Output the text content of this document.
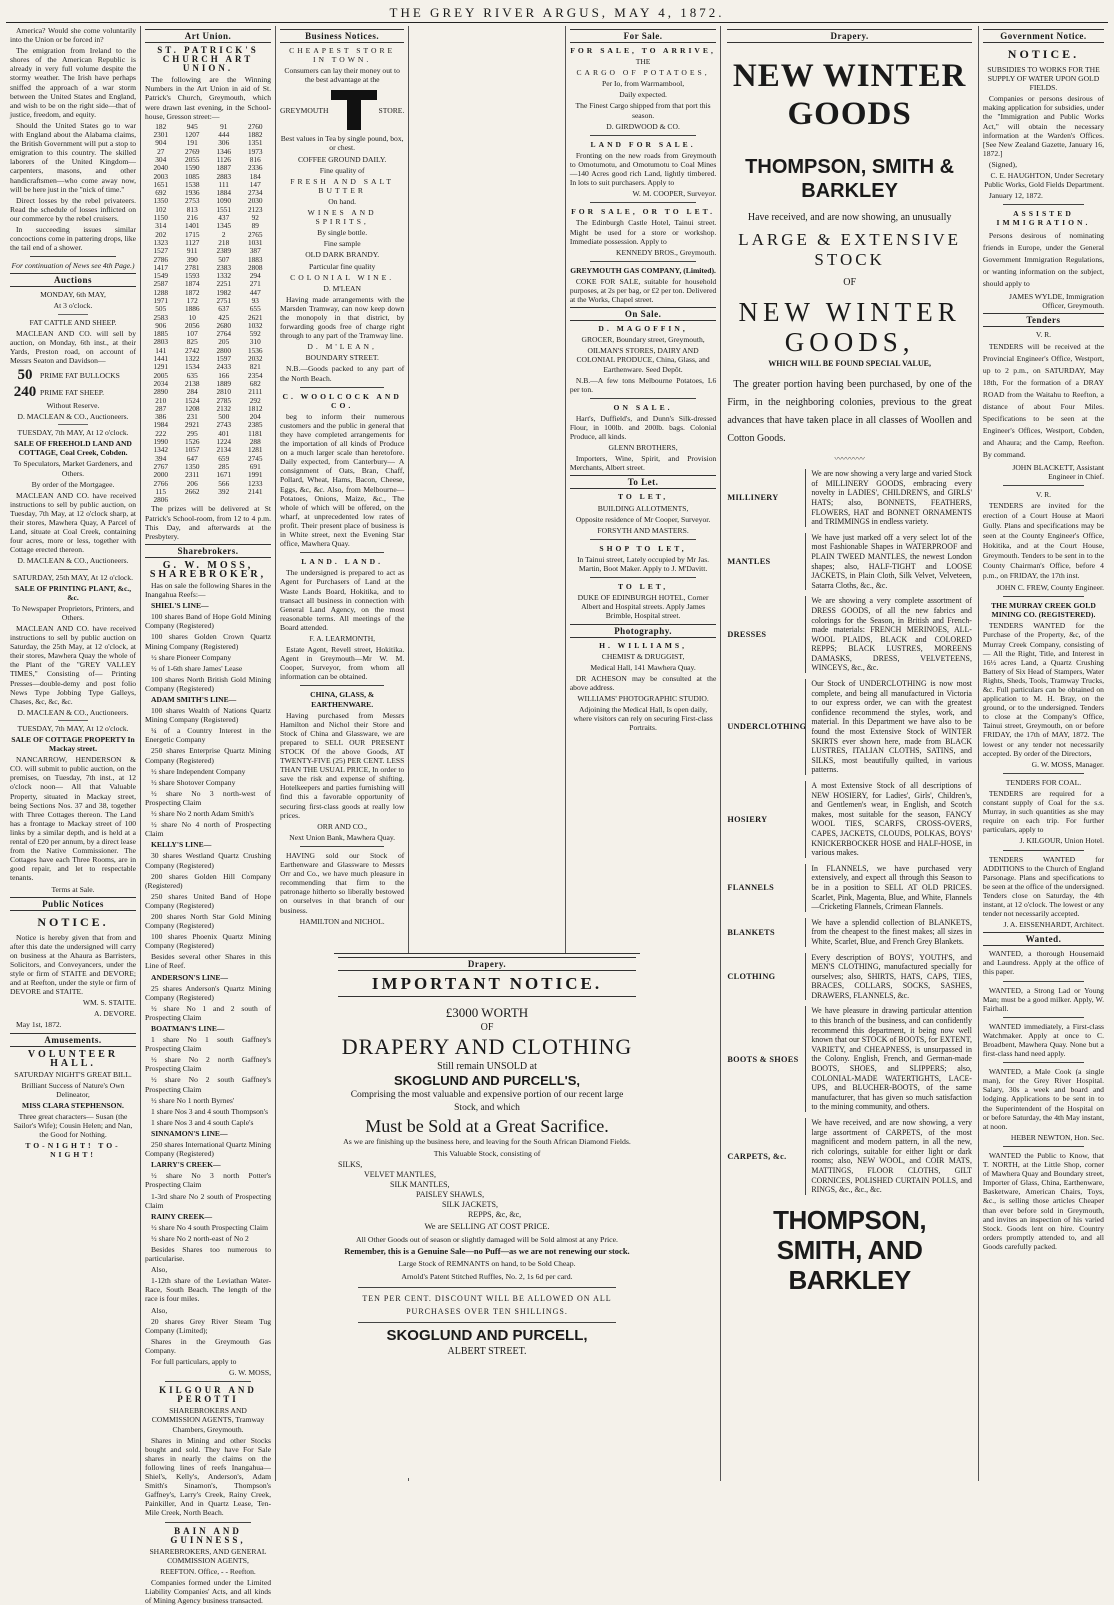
THE GREY RIVER ARGUS, MAY 4, 1872.

America? Would she come voluntarily into the Union or be forced in?

The emigration from Ireland to the shores of the American Republic is already in very full volume despite the stormy weather. The Irish have perhaps sniffed the approach of a war storm between the United States and England, and wish to be on the right side—that of justice, freedom, and equity.

Should the United States go to war with England about the Alabama claims, the British Government will put a stop to emigration to this country. The skilled laborers of the United Kingdom—carpenters, masons, and other handicraftsmen—who come away now, will be here just in the "nick of time."

Direct losses by the rebel privateers. Read the schedule of losses inflicted on our commerce by the rebel cruisers.

In succeeding issues similar concoctions come in pattering drops, like the tail end of a shower.

For continuation of News see 4th Page.)

Auctions

MONDAY, 6th MAY,

At 3 o'clock.

FAT CATTLE AND SHEEP.

MACLEAN AND CO. will sell by auction, on Monday, 6th inst., at their Yards, Preston road, on account of Messrs Seaton and Davidson—

50 PRIME FAT BULLOCKS
240 PRIME FAT SHEEP.

Without Reserve.

D. MACLEAN & CO., Auctioneers.

TUESDAY, 7th MAY, At 12 o'clock.

SALE OF FREEHOLD LAND AND COTTAGE, Coal Creek, Cobden.

To Speculators, Market Gardeners, and Others.

By order of the Mortgagee.

MACLEAN AND CO. have received instructions to sell by public auction, on Tuesday, 7th May, at 12 o'clock sharp, at their stores, Mawhera Quay, A Parcel of Land, situate at Coal Creek, containing four acres, more or less, together with Cottage erected thereon.

D. MACLEAN & CO., Auctioneers.

SATURDAY, 25th MAY, At 12 o'clock.

SALE OF PRINTING PLANT, &c., &c.

To Newspaper Proprietors, Printers, and Others.

MACLEAN AND CO. have received instructions to sell by public auction on Saturday, the 25th May, at 12 o'clock, at their stores, Mawhera Quay the whole of the Plant of the "GREY VALLEY TIMES," Consisting of— Printing Presses—double-demy and post folio News Type Jobbing Type Galleys, Chases, &c, &c, &c.

D. MACLEAN & CO., Auctioneers.

TUESDAY, 7th MAY, At 12 o'clock.

SALE OF COTTAGE PROPERTY In Mackay street.

NANCARROW, HENDERSON & CO. will submit to public auction, on the premises, on Tuesday, 7th inst., at 12 o'clock noon— All that Valuable Property, situated in Mackay street, being Sections Nos. 37 and 38, together with Three Cottages thereon. The Land has a frontage to Mackay street of 100 links by a similar depth, and is held at a rental of £20 per annum, by a direct lease from the Native Commissioner. The Cottages have each Three Rooms, are in good repair, and let to respectable tenants.

Terms at Sale.

Public Notices

NOTICE.

Notice is hereby given that from and after this date the undersigned will carry on business at the Ahaura as Barristers, Solicitors, and Conveyancers, under the style or firm of STAITE and DEVORE; and at Reefton, under the style or firm of DEVORE and STAITE.

WM. S. STAITE.

A. DEVORE.

May 1st, 1872.

Amusements.

VOLUNTEER HALL.

SATURDAY NIGHT'S GREAT BILL.

Brilliant Success of Nature's Own Delineator,

MISS CLARA STEPHENSON.

Three great characters— Susan (the Sailor's Wife); Cousin Helen; and Nan, the Good for Nothing.

TO-NIGHT! TO-NIGHT!

Art Union.

ST. PATRICK'S CHURCH ART UNION.

The following are the Winning Numbers in the Art Union in aid of St. Patrick's Church, Greymouth, which were drawn last evening, in the School-house, Gresson street:—

182	945	91	2760
2301	1207	444	1882
904	191	306	1351
27	2769	1346	1973
304	2055	1126	816
2040	1590	1887	2336
2003	1085	2883	184
1651	1538	111	147
692	1936	1884	2734
1350	2753	1090	2030
102	813	1551	2123
1150	216	437	92
314	1401	1345	89
202	1715	2	2765
1323	1127	218	1031
1527	911	2389	387
2786	390	507	1883
1417	2781	2383	2808
1549	1593	1332	294
2587	1874	2251	271
1288	1872	1982	447
1971	172	2751	93
505	1886	637	655
2583	10	425	2621
906	2056	2680	1032
1885	107	2764	592
2803	825	205	310
141	2742	2800	1536
1441	1322	1597	2032
1291	1534	2433	821
2005	635	166	2354
2034	2138	1889	682
2890	284	2810	2111
210	1524	2785	292
287	1208	2132	1812
386	231	500	204
1984	2921	2743	2385
222	295	401	1181
1990	1526	1224	288
1342	1057	2134	1281
394	647	659	2745
2767	1350	285	691
2000	2311	1671	1991
2766	206	566	1233
115	2662	392	2141
2806

The prizes will be delivered at St Patrick's School-room, from 12 to 4 p.m. This Day, and afterwards at the Presbytery.

Sharebrokers.

G. W. MOSS, SHAREBROKER,

Has on sale the following Shares in the Inangahua Reefs:—

SHIEL'S LINE—

100 shares Band of Hope Gold Mining Company (Registered)

100 shares Golden Crown Quartz Mining Company (Registered)

½ share Pioneer Company

½ of 1-6th share James' Lease

100 shares North British Gold Mining Company (Registered)

ADAM SMITH'S LINE—

100 shares Wealth of Nations Quartz Mining Company (Registered)

¼ of a Country Interest in the Energetic Company

250 shares Enterprise Quartz Mining Company (Registered)

½ share Independent Company

½ share Shotover Company

½ share No 3 north-west of Prospecting Claim

½ share No 2 north Adam Smith's

½ share No 4 north of Prospecting Claim

KELLY'S LINE—

30 shares Westland Quartz Crushing Company (Registered)

200 shares Golden Hill Company (Registered)

250 shares United Band of Hope Company (Registered)

200 shares North Star Gold Mining Company (Registered)

100 shares Phoenix Quartz Mining Company (Registered)

Besides several other Shares in this Line of Reef.

ANDERSON'S LINE—

25 shares Anderson's Quartz Mining Company (Registered)

½ share No 1 and 2 south of Prospecting Claim

BOATMAN'S LINE—

1 share No 1 south Gaffney's Prospecting Claim

½ share No 2 north Gaffney's Prospecting Claim

½ share No 2 south Gaffney's Prospecting Claim

½ share No 1 north Byrnes'

1 share Nos 3 and 4 south Thompson's

1 share Nos 3 and 4 south Caple's

SINNAMON'S LINE—

250 shares International Quartz Mining Company (Registered)

LARRY'S CREEK—

½ share No 3 north Potter's Prospecting Claim

1-3rd share No 2 south of Prospecting Claim

RAINY CREEK—

½ share No 4 south Prospecting Claim

½ share No 2 north-east of No 2

Besides Shares too numerous to particularise.

Also,

1-12th share of the Leviathan Water-Race, South Beach. The length of the race is four miles.

Also,

20 shares Grey River Steam Tug Company (Limited);

Shares in the Greymouth Gas Company.

For full particulars, apply to

G. W. MOSS,

KILGOUR AND PEROTTI

SHAREBROKERS AND COMMISSION AGENTS, Tramway Chambers, Greymouth.

Shares in Mining and other Stocks bought and sold. They have For Sale shares in nearly the claims on the following lines of reefs Inangahua— Shiel's, Kelly's, Anderson's, Adam Smith's Sinamon's, Thompson's Gaffney's, Larry's Creek, Rainy Creek, Painkiller, And in Quartz Lease, Ten-Mile Creek, North Beach.

BAIN AND GUINNESS,

SHAREBROKERS, AND GENERAL COMMISSION AGENTS,

REEFTON. Office, - - Reefton.

Companies formed under the Limited Liability Companies' Acts, and all kinds of Mining Agency business transacted.

Business Notices.

CHEAPEST STORE IN TOWN.

Consumers can lay their money out to the best advantage at the

GREYMOUTH	STORE.

Best values in Tea by single pound, box, or chest.

COFFEE GROUND DAILY.

Fine quality of

FRESH AND SALT BUTTER

On hand.

WINES AND SPIRITS,

By single bottle.

Fine sample

OLD DARK BRANDY.

Particular fine quality

COLONIAL WINE.

D. M'LEAN

Having made arrangements with the Marsden Tramway, can now keep down the monopoly in that district, by forwarding goods free of charge right through to any part of the Tramway line.

D. M'LEAN,

BOUNDARY STREET.

N.B.—Goods packed to any part of the North Beach.

C. WOOLCOCK AND CO.

beg to inform their numerous customers and the public in general that they have completed arrangements for the importation of all kinds of Produce on a much larger scale than heretofore. Daily expected, from Canterbury— A consignment of Oats, Bran, Chaff, Pollard, Wheat, Hams, Bacon, Cheese, Eggs, &c, &c. Also, from Melbourne— Potatoes, Onions, Maize, &c., The whole of which will be offered, on the wharf, at unprecedented low rates of profit. Their present place of business is in White street, next the Evening Star office, Mawhera Quay.

LAND. LAND.

The undersigned is prepared to act as Agent for Purchasers of Land at the Waste Lands Board, Hokitika, and to transact all business in connection with General Land Agency, on the most reasonable terms. All meetings of the Board attended.

F. A. LEARMONTH,

Estate Agent, Revell street, Hokitika. Agent in Greymouth—Mr W. M. Cooper, Surveyor, from whom all information can be obtained.

CHINA, GLASS, & EARTHENWARE.

Having purchased from Messrs Hamilton and Nichol their Store and Stock of China and Glassware, we are prepared to SELL OUR PRESENT STOCK Of the above Goods, AT TWENTY-FIVE (25) PER CENT. LESS THAN THE USUAL PRICE, In order to save the risk and expense of shifting. Hotelkeepers and parties furnishing will find this a favorable opportunity of securing first-class goods at really low prices.

ORR AND CO.,

Next Union Bank, Mawhera Quay.

HAVING sold our Stock of Earthenware and Glassware to Messrs Orr and Co., we have much pleasure in recommending that firm to the patronage hitherto so liberally bestowed on ourselves in that branch of our business.

HAMILTON and NICHOL.

For Sale.

FOR SALE, TO ARRIVE,

THE

CARGO OF POTATOES,

Per Io, from Warrnambool,

Daily expected.

The Finest Cargo shipped from that port this season.

D. GIRDWOOD & CO.

LAND FOR SALE.

Fronting on the new roads from Greymouth to Omotumotu, and Omotumotu to Coal Mines—140 Acres good rich Land, lightly timbered. In lots to suit purchasers. Apply to

W. M. COOPER, Surveyor.

FOR SALE, OR TO LET.

The Edinburgh Castle Hotel, Tainui street. Might be used for a store or workshop. Immediate possession. Apply to

KENNEDY BROS., Greymouth.

GREYMOUTH GAS COMPANY, (Limited).

COKE FOR SALE, suitable for household purposes, at 2s per bag, or £2 per ton. Delivered at the Works, Chapel street.

On Sale.

D. MAGOFFIN,

GROCER, Boundary street, Greymouth,

OILMAN'S STORES, DAIRY AND COLONIAL PRODUCE, China, Glass, and Earthenware. Seed Depôt.

N.B.—A few tons Melbourne Potatoes, L6 per ton.

ON SALE.

Hart's, Duffield's, and Dunn's Silk-dressed Flour, in 100lb. and 200lb. bags. Colonial Produce, all kinds.

GLENN BROTHERS,

Importers, Wine, Spirit, and Provision Merchants, Albert street.

To Let.

TO LET,

BUILDING ALLOTMENTS,

Opposite residence of Mr Cooper, Surveyor.

FORSYTH AND MASTERS.

SHOP TO LET,

In Tainui street, Lately occupied by Mr Jas. Martin, Boot Maker. Apply to J. M'Davitt.

TO LET,

DUKE OF EDINBURGH HOTEL, Corner Albert and Hospital streets. Apply James Brimble, Hospital street.

Photography.

H. WILLIAMS,

CHEMIST & DRUGGIST,

Medical Hall, 141 Mawhera Quay.

DR ACHESON may be consulted at the above address.

WILLIAMS' PHOTOGRAPHIC STUDIO.

Adjoining the Medical Hall, Is open daily, where visitors can rely on securing First-class Portraits.

Drapery.
NEW WINTER GOODS
THOMPSON, SMITH & BARKLEY
Have received, and are now showing, an unusually
LARGE & EXTENSIVE STOCK
OF
NEW WINTER GOODS,
WHICH WILL BE FOUND SPECIAL VALUE,

The greater portion having been purchased, by one of the Firm, in the neighboring colonies, previous to the great advances that have taken place in all classes of Woollen and Cotton Goods.

〰〰〰〰
MILLINERY
We are now showing a very large and varied Stock of MILLINERY GOODS, embracing every novelty in LADIES', CHILDREN'S, and GIRLS' HATS; also, BONNETS, FEATHERS, FLOWERS, HAT and BONNET ORNAMENTS and TRIMMINGS in endless variety.
MANTLES
We have just marked off a very select lot of the most Fashionable Shapes in WATERPROOF and PLAIN TWEED MANTLES, the newest London shapes; also, HALF-TIGHT and LOOSE JACKETS, in Plain Cloth, Silk Velvet, Velveteen, Satarra Cloths, &c., &c.
DRESSES
We are showing a very complete assortment of DRESS GOODS, of all the new fabrics and colorings for the Season, in British and French-made materials: FRENCH MERINOES, ALL-WOOL PLAIDS, BLACK and COLORED REPPS; BLACK LUSTRES, MOREENS DAMASKS, DRESS, VELVETEENS, WINCEYS, &c., &c.
UNDERCLOTHING
Our Stock of UNDERCLOTHING is now most complete, and being all manufactured in Victoria to our express order, we can with the greatest confidence recommend the styles, work, and material. In this Department we have also to be found the most Extensive Stock of WINTER SKIRTS ever shown here, made from BLACK LUSTRES, ITALIAN CLOTHS, SATINS, and SILKS, most beautifully quilted, in various patterns.
HOSIERY
A most Extensive Stock of all descriptions of NEW HOSIERY, for Ladies', Girls', Children's, and Gentlemen's wear, in English, and Scotch makes, most suitable for the season, FANCY WOOL TIES, SCARFS, CROSS-OVERS, CAPES, JACKETS, CLOUDS, POLKAS, BOYS' KNICKERBOCKER HOSE and HALF-HOSE, in various makes.
FLANNELS
In FLANNELS, we have purchased very extensively, and expect all through this Season to be in a position to SELL AT OLD PRICES. Scarlet, Pink, Magenta, Blue, and White, Flannels—Cricketing Flannels, Crimean Flannels.
BLANKETS
We have a splendid collection of BLANKETS, from the cheapest to the finest makes; all sizes in White, Scarlet, Blue, and French Grey Blankets.
CLOTHING
Every description of BOYS', YOUTH'S, and MEN'S CLOTHING, manufactured specially for ourselves; also, SHIRTS, HATS, CAPS, TIES, BRACES, COLLARS, SOCKS, SASHES, DRAWERS, FLANNELS, &c.
BOOTS & SHOES
We have pleasure in drawing particular attention to this branch of the business, and can confidently recommend this department, it being now well known that our STOCK of BOOTS, for EXTENT, VARIETY, and CHEAPNESS, is unsurpassed in the Colony. English, French, and German-made BOOTS, SHOES, and SLIPPERS; also, COLONIAL-MADE WATERTIGHTS, LACE-UPS, and BLUCHER-BOOTS, of the same manufacturer, that has given so much satisfaction to the mining community, and others.
CARPETS, &c.
We have received, and are now showing, a very large assortment of CARPETS, of the most magnificent and modern pattern, in all the new, rich colorings, suitable for either light or dark rooms; also, NEW WOOL, and COIR MATS, MATTINGS, FLOOR CLOTHS, GILT CORNICES, POLISHED CURTAIN POLLS, and RINGS, &c., &c., &c.
THOMPSON, SMITH, AND BARKLEY
Government Notice.

NOTICE.

SUBSIDIES TO WORKS FOR THE SUPPLY OF WATER UPON GOLD FIELDS.

Companies or persons desirous of making application for subsidies, under the "Immigration and Public Works Act," will obtain the necessary information at the Warden's Offices. [See New Zealand Gazette, January 16, 1872.]

(Signed),

C. E. HAUGHTON, Under Secretary Public Works, Gold Fields Department.

January 12, 1872.

ASSISTED IMMIGRATION.

Persons desirous of nominating friends in Europe, under the General Government Immigration Regulations, or wanting information on the subject, should apply to

JAMES WYLDE, Immigration Officer, Greymouth.

Tenders

V. R.

TENDERS will be received at the Provincial Engineer's Office, Westport, up to 2 p.m., on SATURDAY, May 18th, For the formation of a DRAY ROAD from the Waitahu to Reefton, a distance of about Four Miles. Specifications to be seen at the Engineer's Offices, Westport, Cobden, and Ahaura; and the Camp, Reefton. By command.

JOHN BLACKETT, Assistant Engineer in Chief.

V. R.

TENDERS are invited for the erection of a Court House at Maori Gully. Plans and specifications may be seen at the County Engineer's Office, Hokitika, and at the Court House, Greymouth. Tenders to be sent in to the County Chairman's Office, before 4 p.m., on FRIDAY, the 17th inst.

JOHN C. FREW, County Engineer.

THE MURRAY CREEK GOLD MINING CO. (REGISTERED).

TENDERS WANTED for the Purchase of the Property, &c, of the Murray Creek Company, consisting of— All the Right, Title, and Interest in 16½ acres Land, a Quartz Crushing Battery of Six Head of Stampers, Water Rights, Sheds, Tools, Tramway Trucks, &c. Full particulars can be obtained on application to M. H. Bray, on the ground, or to the undersigned. Tenders to close at the Company's Office, Tainui street, Greymouth, on or before FRIDAY, the 17th of MAY, 1872. The lowest or any tender not necessarily accepted. By order of the Directors,

G. W. MOSS, Manager.

TENDERS FOR COAL.

TENDERS are required for a constant supply of Coal for the s.s. Murray, in such quantities as she may require on each trip. For further particulars, apply to

J. KILGOUR, Union Hotel.

TENDERS WANTED for ADDITIONS to the Church of England Parsonage. Plans and specifications to be seen at the office of the undersigned. Tenders close on Saturday, the 4th instant, at 12 o'clock. The lowest or any tender not necessarily accepted.

J. A. EISSENHARDT, Architect.

Wanted.

WANTED, a thorough Housemaid and Laundress. Apply at the office of this paper.

WANTED, a Strong Lad or Young Man; must be a good milker. Apply, W. Fairhall.

WANTED immediately, a First-class Watchmaker. Apply at once to C. Broadbent, Mawhera Quay. None but a first-class hand need apply.

WANTED, a Male Cook (a single man), for the Grey River Hospital. Salary, 30s a week and board and lodging. Applications to be sent in to the Superintendent of the Hospital on or before Saturday, the 4th May instant, at noon.

HEBER NEWTON, Hon. Sec.

WANTED the Public to Know, that T. NORTH, at the Little Shop, corner of Mawhera Quay and Boundary street, Importer of Glass, China, Earthenware, Basketware, American Chairs, Toys, &c., is selling those articles Cheaper than ever before sold in Greymouth, and invites an inspection of his varied Stock. Goods lent on hire. Country orders promptly attended to, and all Goods carefully packed.

Drapery.
IMPORTANT NOTICE.
£3000 WORTH
OF
DRAPERY AND CLOTHING
Still remain UNSOLD at
SKOGLUND AND PURCELL'S,
Comprising the most valuable and expensive portion of our recent large Stock, and which
Must be Sold at a Great Sacrifice.
As we are finishing up the business here, and leaving for the South African Diamond Fields.
This Valuable Stock, consisting of
SILKS,
VELVET MANTLES,
SILK MANTLES,
PAISLEY SHAWLS,
SILK JACKETS,
REPPS, &c, &c,
We are SELLING AT COST PRICE.
All Other Goods out of season or slightly damaged will be Sold almost at any Price.
Remember, this is a Genuine Sale—no Puff—as we are not renewing our stock.
Large Stock of REMNANTS on hand, to be Sold Cheap.
Arnold's Patent Stitched Ruffles, No. 2, 1s 6d per card.
TEN PER CENT. DISCOUNT WILL BE ALLOWED ON ALL PURCHASES OVER TEN SHILLINGS.
SKOGLUND AND PURCELL,
ALBERT STREET.
